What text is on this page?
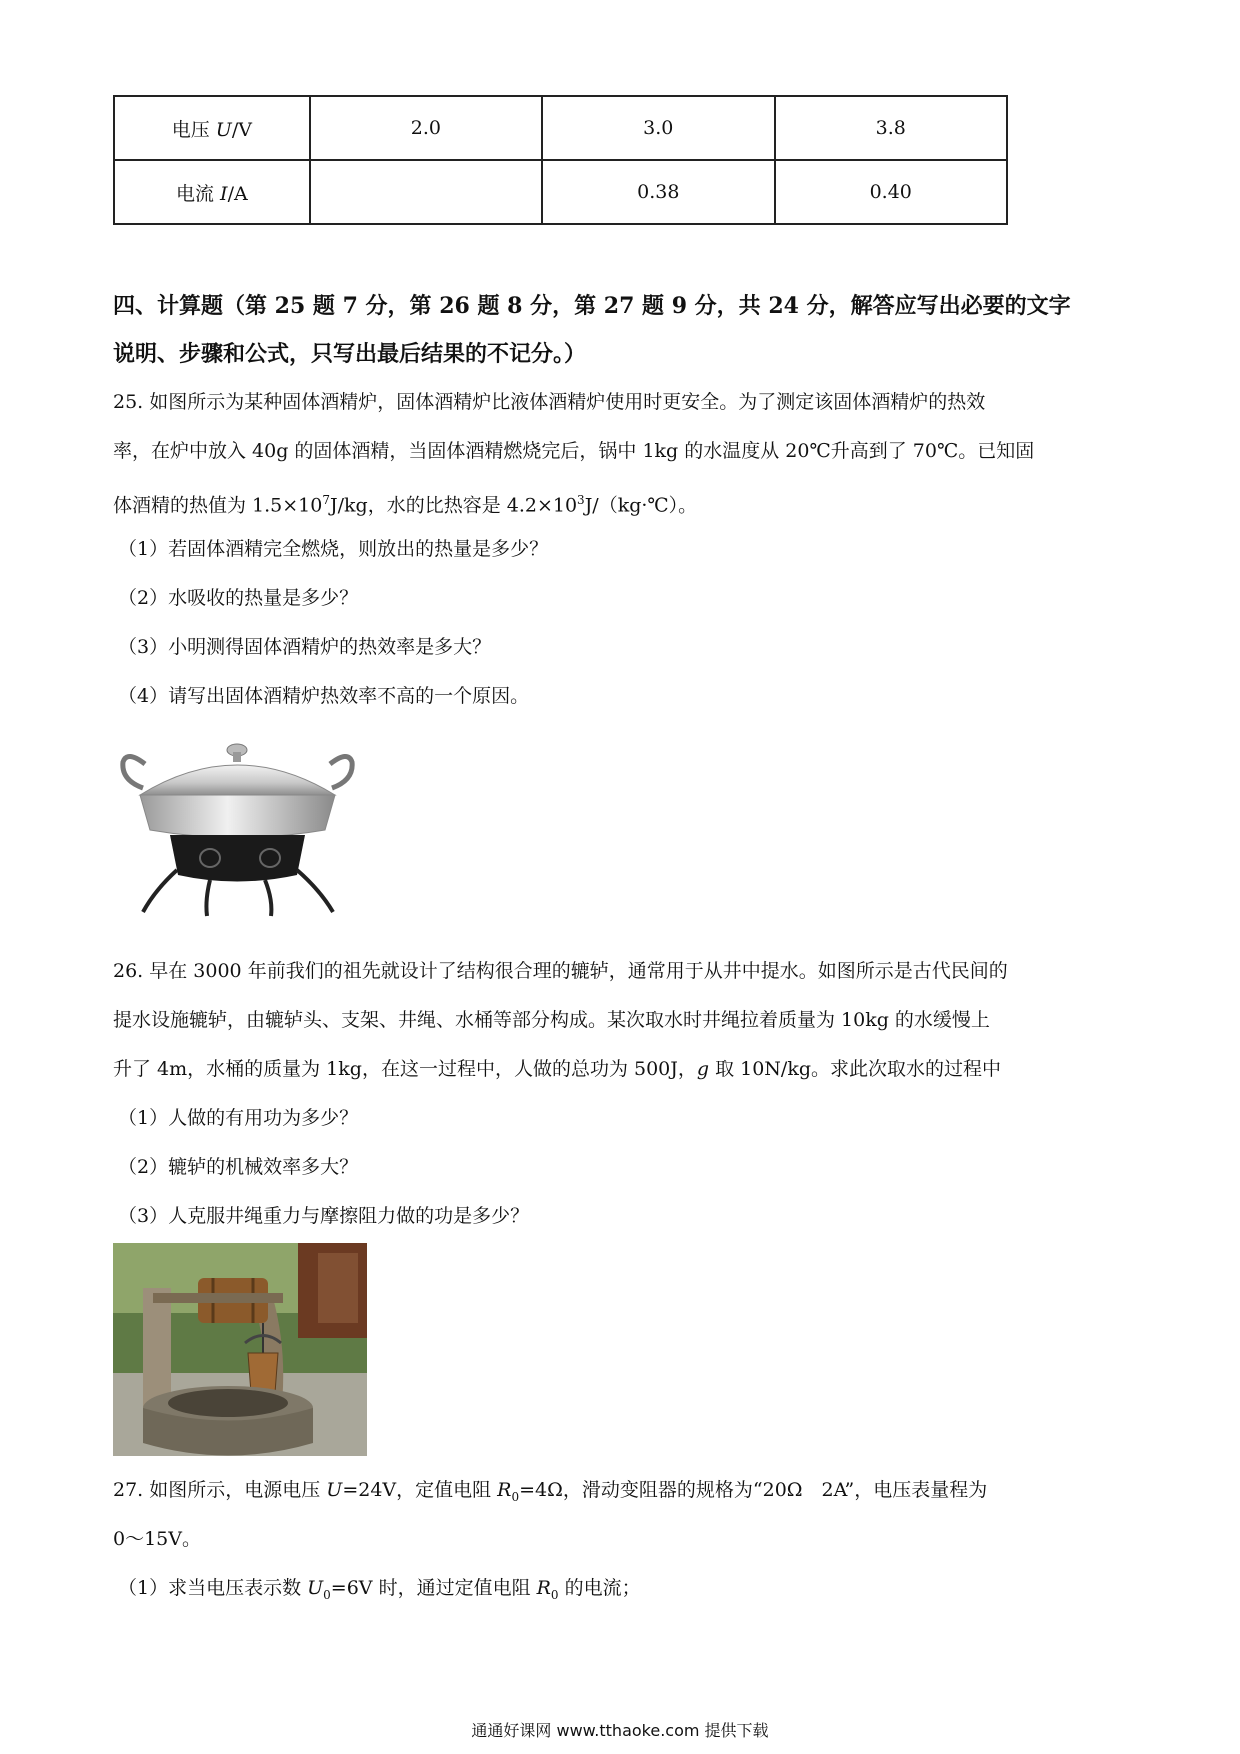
电压 U/V	2.0	3.0	3.8
电流 I/A		0.38	0.40
四、计算题（第 25 题 7 分，第 26 题 8 分，第 27 题 9 分，共 24 分，解答应写出必要的文字
说明、步骤和公式，只写出最后结果的不记分。）
25. 如图所示为某种固体酒精炉，固体酒精炉比液体酒精炉使用时更安全。为了测定该固体酒精炉的热效
率，在炉中放入 40g 的固体酒精，当固体酒精燃烧完后，锅中 1kg 的水温度从 20℃升高到了 70℃。已知固
体酒精的热值为 $1.5\times 10^7J/kg$，水的比热容是 $4.2\times 10^3J/(kg\cdot℃)$。
（1）若固体酒精完全燃烧，则放出的热量是多少？
（2）水吸收的热量是多少？
（3）小明测得固体酒精炉的热效率是多大？
（4）请写出固体酒精炉热效率不高的一个原因。
26. 早在 3000 年前我们的祖先就设计了结构很合理的辘轳，通常用于从井中提水。如图所示是古代民间的
提水设施辘轳，由辘轳头、支架、井绳、水桶等部分构成。某次取水时井绳拉着质量为 10kg 的水缓慢上
升了 4m，水桶的质量为 1kg，在这一过程中，人做的总功为 500J，g 取 10N/kg。求此次取水的过程中
（1）人做的有用功为多少？
（2）辘轳的机械效率多大？
（3）人克服井绳重力与摩擦阻力做的功是多少？
27. 如图所示，电源电压 U=24V，定值电阻 $R_0=4\Omega$，滑动变阻器的规格为“20Ω　2A”，电压表量程为
0～15V。
（1）求当电压表示数 $U_0=6V$ 时，通过定值电阻 $R_0$ 的电流；
通通好课网 www.tthaoke.com 提供下载
